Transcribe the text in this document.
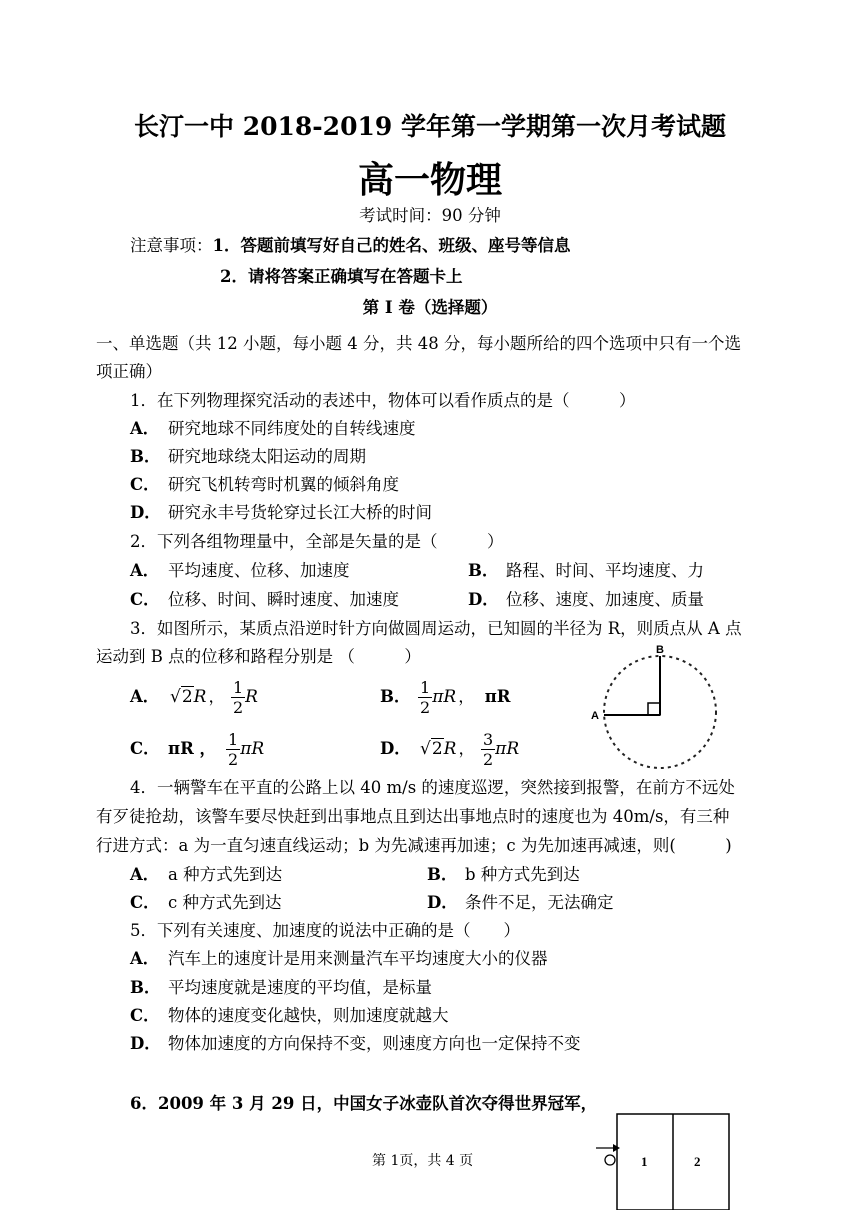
长汀一中 2018-2019 学年第一学期第一次月考试题
高一物理
考试时间：90 分钟
注意事项：1．答题前填写好自己的姓名、班级、座号等信息
2．请将答案正确填写在答题卡上
第 I 卷（选择题）
一、单选题（共 12 小题，每小题 4 分，共 48 分，每小题所给的四个选项中只有一个选
项正确）
1．在下列物理探究活动的表述中，物体可以看作质点的是（　　　）
A． 研究地球不同纬度处的自转线速度
B． 研究地球绕太阳运动的周期
C． 研究飞机转弯时机翼的倾斜角度
D． 研究永丰号货轮穿过长江大桥的时间
2．下列各组物理量中，全部是矢量的是（　　　）
A． 平均速度、位移、加速度	B． 路程、时间、平均速度、力
C． 位移、时间、瞬时速度、加速度	D． 位移、速度、加速度、质量
3．如图所示，某质点沿逆时针方向做圆周运动，已知圆的半径为 R，则质点从 A 点
运动到 B 点的位移和路程分别是 （　　　）
A． √2R ， $\frac{1}{2}$ R	B． $\frac{1}{2}$ πR ， πR
C． πR ， $\frac{1}{2}$ πR	D． √2R ， $\frac{3}{2}$ πR
A
B
4．一辆警车在平直的公路上以 40 m/s 的速度巡逻，突然接到报警，在前方不远处
有歹徒抢劫，该警车要尽快赶到出事地点且到达出事地点时的速度也为 40m/s，有三种
行进方式：a 为一直匀速直线运动；b 为先减速再加速；c 为先加速再减速，则(　　　)
A． a 种方式先到达	B． b 种方式先到达
C． c 种方式先到达	D． 条件不足，无法确定
5．下列有关速度、加速度的说法中正确的是（　　）
A． 汽车上的速度计是用来测量汽车平均速度大小的仪器
B． 平均速度就是速度的平均值，是标量
C． 物体的速度变化越快，则加速度就越大
D． 物体加速度的方向保持不变，则速度方向也一定保持不变
6．2009 年 3 月 29 日，中国女子冰壶队首次夺得世界冠军，
第 1页，共 4 页	1	2
